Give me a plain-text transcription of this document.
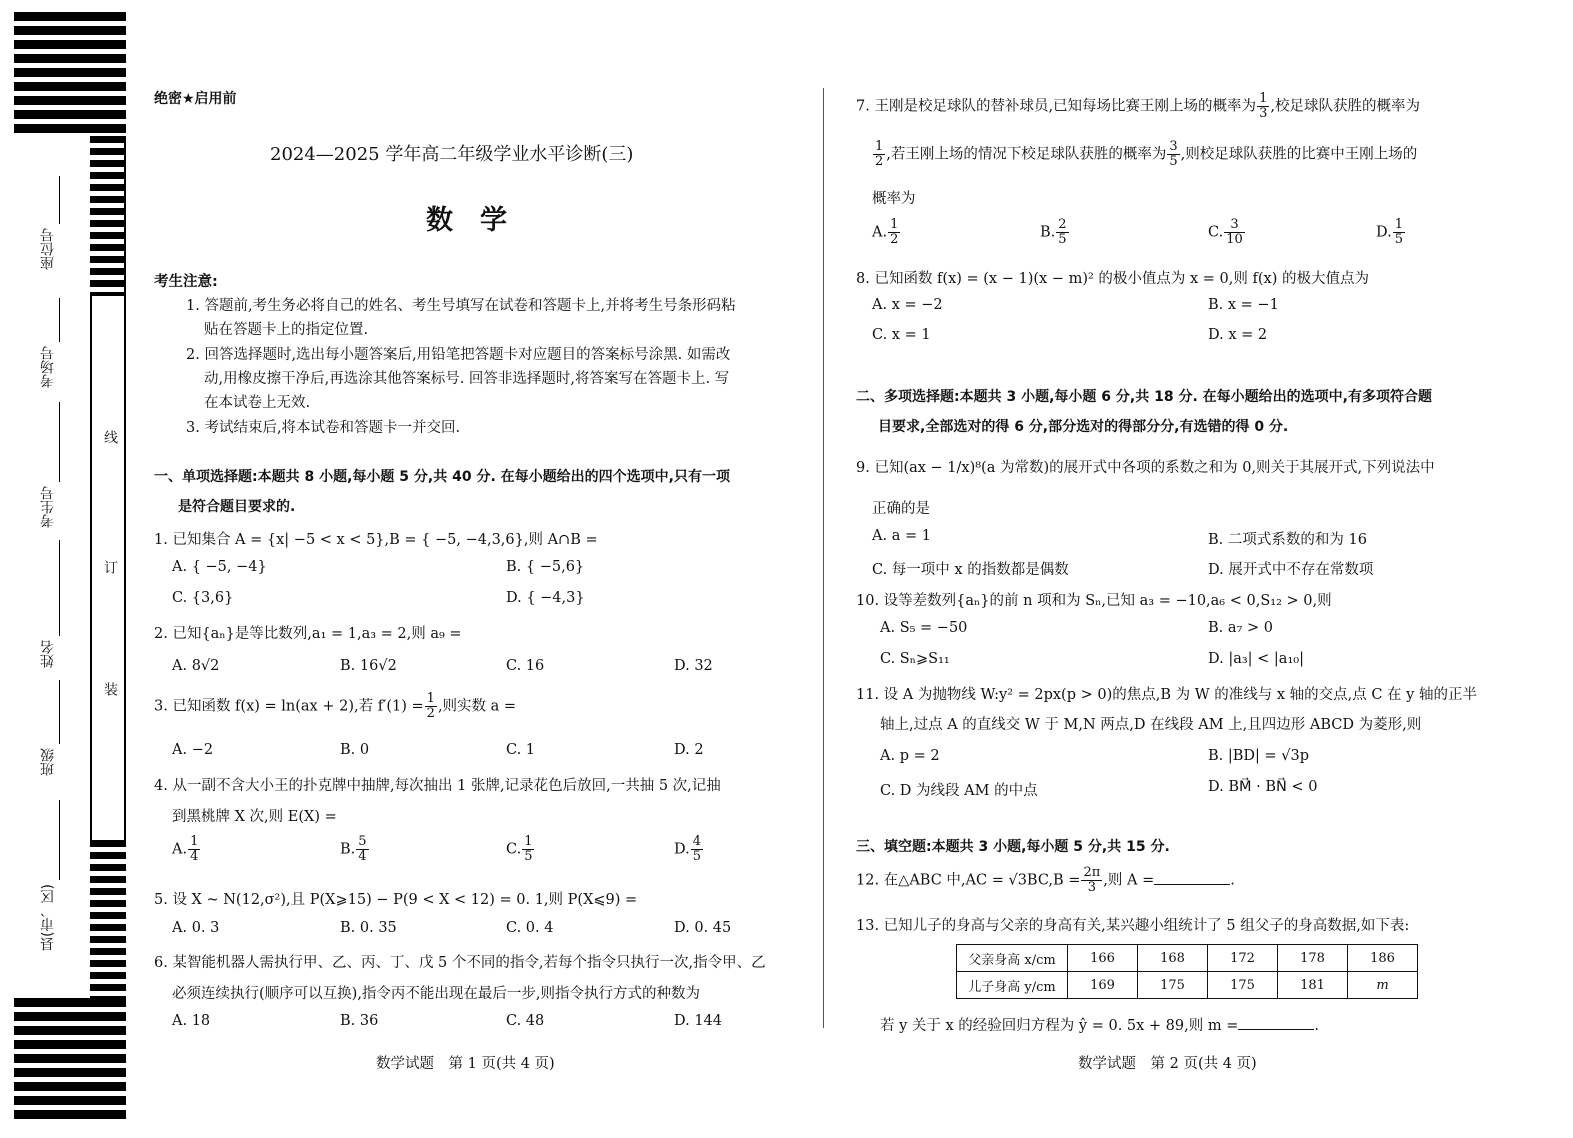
座位号
考场号
考生号
姓名
班级
县(市、区)
线
订
装
绝密★启用前
2024—2025 学年高二年级学业水平诊断(三)
数　学
考生注意:
1. 答题前,考生务必将自己的姓名、考生号填写在试卷和答题卡上,并将考生号条形码粘
贴在答题卡上的指定位置.
2. 回答选择题时,选出每小题答案后,用铅笔把答题卡对应题目的答案标号涂黑. 如需改
动,用橡皮擦干净后,再选涂其他答案标号. 回答非选择题时,将答案写在答题卡上. 写
在本试卷上无效.
3. 考试结束后,将本试卷和答题卡一并交回.
一、单项选择题:本题共 8 小题,每小题 5 分,共 40 分. 在每小题给出的四个选项中,只有一项
是符合题目要求的.
1. 已知集合 A = {x| −5 < x < 5},B = { −5, −4,3,6},则 A∩B =
A. { −5, −4}	B. { −5,6}
C. {3,6}	D. { −4,3}
2. 已知{aₙ}是等比数列,a₁ = 1,a₃ = 2,则 a₉ =
A. 8√2	B. 16√2	C. 16	D. 32
3. 已知函数 f(x) = ln(ax + 2),若 $f'(1) = \frac{1}{2}$ ,则实数 a =
A. −2	B. 0	C. 1	D. 2
4. 从一副不含大小王的扑克牌中抽牌,每次抽出 1 张牌,记录花色后放回,一共抽 5 次,记抽
到黑桃牌 X 次,则 E(X) =
A. $\frac{1}{4}$	B. $\frac{5}{4}$	C. $\frac{1}{5}$	D. $\frac{4}{5}$
5. 设 X ~ N(12,σ²),且 P(X⩾15) − P(9 < X < 12) = 0. 1,则 P(X⩽9) =
A. 0. 3	B. 0. 35	C. 0. 4	D. 0. 45
6. 某智能机器人需执行甲、乙、丙、丁、戊 5 个不同的指令,若每个指令只执行一次,指令甲、乙
必须连续执行(顺序可以互换),指令丙不能出现在最后一步,则指令执行方式的种数为
A. 18	B. 36	C. 48	D. 144
数学试题　第 1 页(共 4 页)
7. 王刚是校足球队的替补球员,已知每场比赛王刚上场的概率为 $\frac{1}{3}$ ,校足球队获胜的概率为
$\frac{1}{2}$ ,若王刚上场的情况下校足球队获胜的概率为 $\frac{3}{5}$ ,则校足球队获胜的比赛中王刚上场的
概率为
A. $\frac{1}{2}$	B. $\frac{2}{5}$	C. $\frac{3}{10}$	D. $\frac{1}{5}$
8. 已知函数 f(x) = (x − 1)(x − m)² 的极小值点为 x = 0,则 f(x) 的极大值点为
A. x = −2	B. x = −1
C. x = 1	D. x = 2
二、多项选择题:本题共 3 小题,每小题 6 分,共 18 分. 在每小题给出的选项中,有多项符合题
目要求,全部选对的得 6 分,部分选对的得部分分,有选错的得 0 分.
9. 已知(ax − 1/x)⁸(a 为常数)的展开式中各项的系数之和为 0,则关于其展开式,下列说法中
正确的是
A. a = 1	B. 二项式系数的和为 16
C. 每一项中 x 的指数都是偶数	D. 展开式中不存在常数项
10. 设等差数列{aₙ}的前 n 项和为 Sₙ,已知 a₃ = −10,a₆ < 0,S₁₂ > 0,则
A. S₅ = −50	B. a₇ > 0
C. Sₙ⩾S₁₁	D. |a₃| < |a₁₀|
11. 设 A 为抛物线 W:y² = 2px(p > 0)的焦点,B 为 W 的准线与 x 轴的交点,点 C 在 y 轴的正半
轴上,过点 A 的直线交 W 于 M,N 两点,D 在线段 AM 上,且四边形 ABCD 为菱形,则
A. p = 2	B. |BD| = √3p
C. D 为线段 AM 的中点	D. BM⃗ · BN⃗ < 0
三、填空题:本题共 3 小题,每小题 5 分,共 15 分.
12. 在△ABC 中$,AC = √3BC,B = \frac{2\pi}{3}$ ,则 A =	.
13. 已知儿子的身高与父亲的身高有关,某兴趣小组统计了 5 组父子的身高数据,如下表:
父亲身高 x/cm	166	168	172	178	186
儿子身高 y/cm	169	175	175	181	m
若 y 关于 x 的经验回归方程为 ŷ = 0. 5x + 89,则 m =	.
数学试题　第 2 页(共 4 页)
